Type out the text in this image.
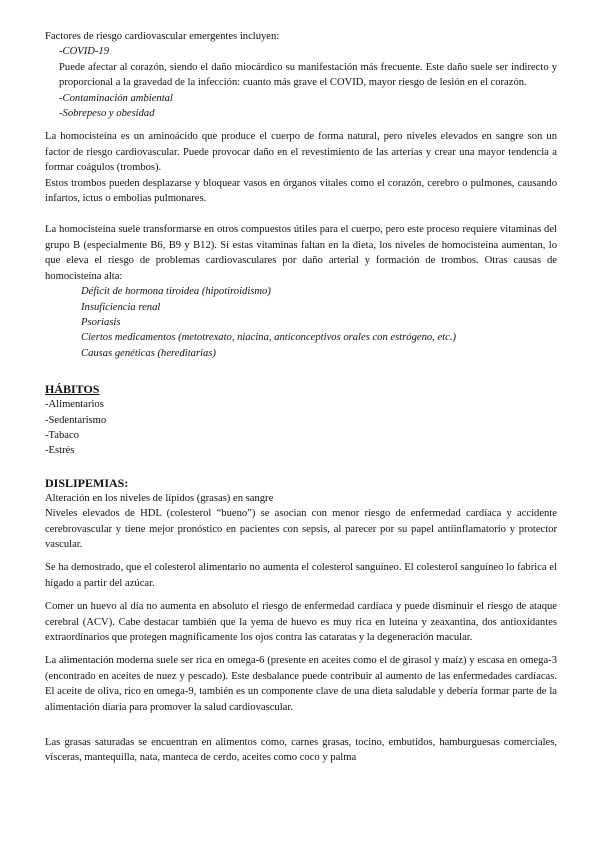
Factores de riesgo cardiovascular emergentes incluyen:

-COVID-19

Puede afectar al corazón, siendo el daño miocárdico su manifestación más frecuente. Este daño suele ser indirecto y proporcional a la gravedad de la infección: cuanto más grave el COVID, mayor riesgo de lesión en el corazón.

-Contaminación ambiental

-Sobrepeso y obesidad

La homocisteína es un aminoácido que produce el cuerpo de forma natural, pero niveles elevados en sangre son un factor de riesgo cardiovascular. Puede provocar daño en el revestimiento de las arterias y crear una mayor tendencia a formar coágulos (trombos).

Estos trombos pueden desplazarse y bloquear vasos en órganos vitales como el corazón, cerebro o pulmones, causando infartos, ictus o embolias pulmonares.

La homocisteína suele transformarse en otros compuestos útiles para el cuerpo, pero este proceso requiere vitaminas del grupo B (especialmente B6, B9 y B12). Si estas vitaminas faltan en la dieta, los niveles de homocisteína aumentan, lo que eleva el riesgo de problemas cardiovasculares por daño arterial y formación de trombos. Otras causas de homocisteína alta:

Déficit de hormona tiroidea (hipotiroidismo)

Insuficiencia renal

Psoriasis

Ciertos medicamentos (metotrexato, niacina, anticonceptivos orales con estrógeno, etc.)

Causas genéticas (hereditarias)

HÁBITOS

-Alimentarios

-Sedentarismo

-Tabaco

-Estrés

DISLIPEMIAS:

Alteración en los niveles de lípidos (grasas) en sangre

Niveles elevados de HDL (colesterol “bueno”) se asocian con menor riesgo de enfermedad cardíaca y accidente cerebrovascular y tiene mejor pronóstico en pacientes con sepsis, al parecer por su papel antiinflamatorio y protector vascular.

Se ha demostrado, que el colesterol alimentario no aumenta el colesterol sanguíneo. El colesterol sanguíneo lo fabrica el hígado a partir del azúcar.

Comer un huevo al día no aumenta en absoluto el riesgo de enfermedad cardíaca y puede disminuir el riesgo de ataque cerebral (ACV). Cabe destacar también que la yema de huevo es muy rica en luteína y zeaxantina, dos antioxidantes extraordinarios que protegen magníficamente los ojos contra las cataratas y la degeneración macular.

La alimentación moderna suele ser rica en omega-6 (presente en aceites como el de girasol y maíz) y escasa en omega-3 (encontrado en aceites de nuez y pescado). Este desbalance puede contribuir al aumento de las enfermedades cardíacas. El aceite de oliva, rico en omega-9, también es un componente clave de una dieta saludable y debería formar parte de la alimentación diaria para promover la salud cardiovascular.

Las grasas saturadas se encuentran en alimentos como, carnes grasas, tocino, embutidos, hamburguesas comerciales, vísceras, mantequilla, nata, manteca de cerdo, aceites como coco y palma
